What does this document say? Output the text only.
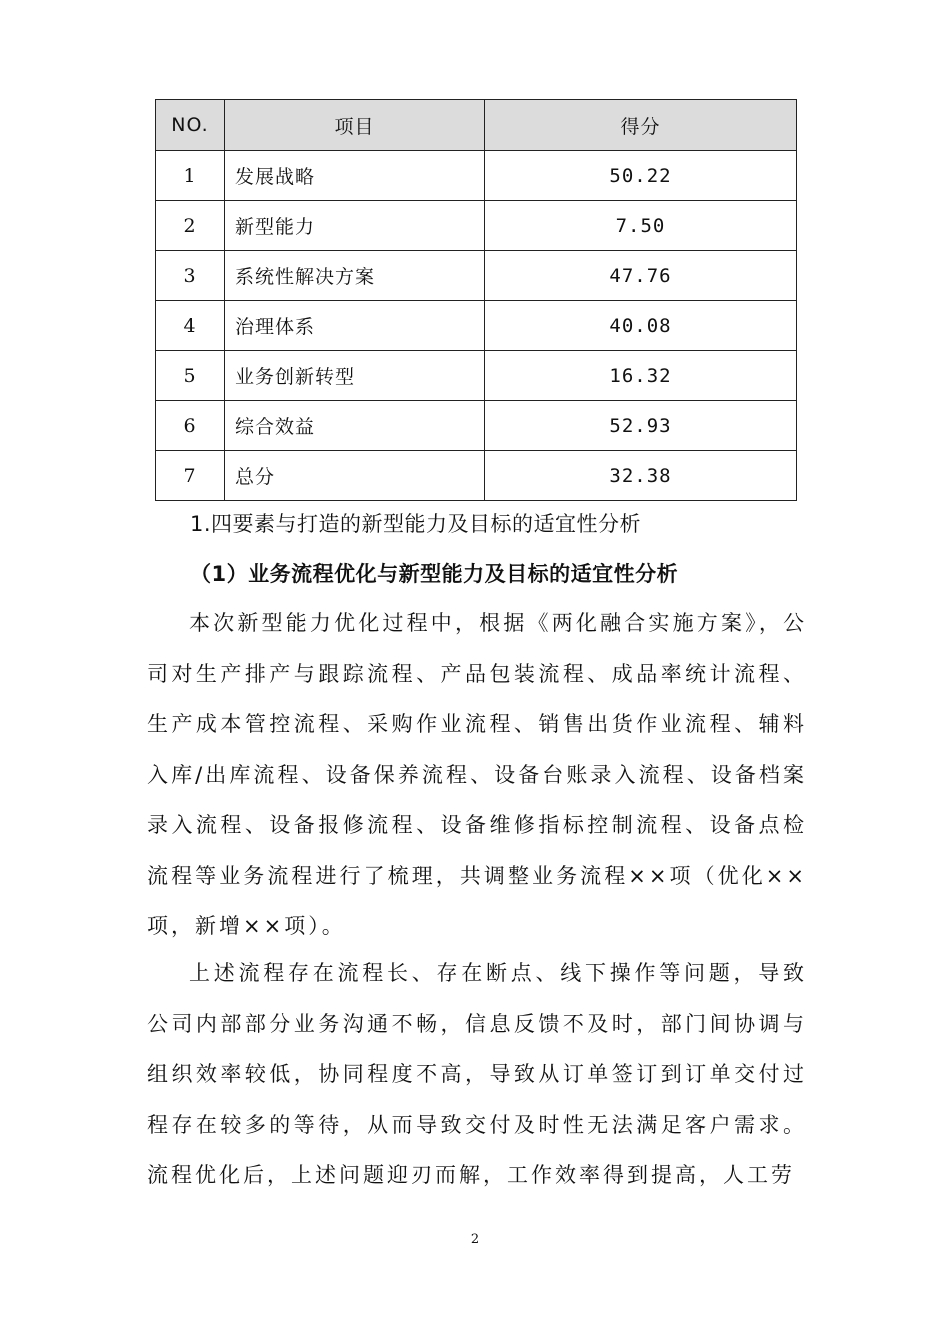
NO.	项目	得分
1	发展战略	50.22
2	新型能力	7.50
3	系统性解决方案	47.76
4	治理体系	40.08
5	业务创新转型	16.32
6	综合效益	52.93
7	总分	32.38
1.四要素与打造的新型能力及目标的适宜性分析
（1）业务流程优化与新型能力及目标的适宜性分析

本次新型能力优化过程中，根据《两化融合实施方案》，公司对生产排产与跟踪流程、产品包装流程、成品率统计流程、生产成本管控流程、采购作业流程、销售出货作业流程、辅料入库/出库流程、设备保养流程、设备台账录入流程、设备档案录入流程、设备报修流程、设备维修指标控制流程、设备点检流程等业务流程进行了梳理，共调整业务流程××项（优化××项，新增××项）。

上述流程存在流程长、存在断点、线下操作等问题，导致公司内部部分业务沟通不畅，信息反馈不及时，部门间协调与组织效率较低，协同程度不高，导致从订单签订到订单交付过程存在较多的等待，从而导致交付及时性无法满足客户需求。流程优化后，上述问题迎刃而解，工作效率得到提高，人工劳

2
